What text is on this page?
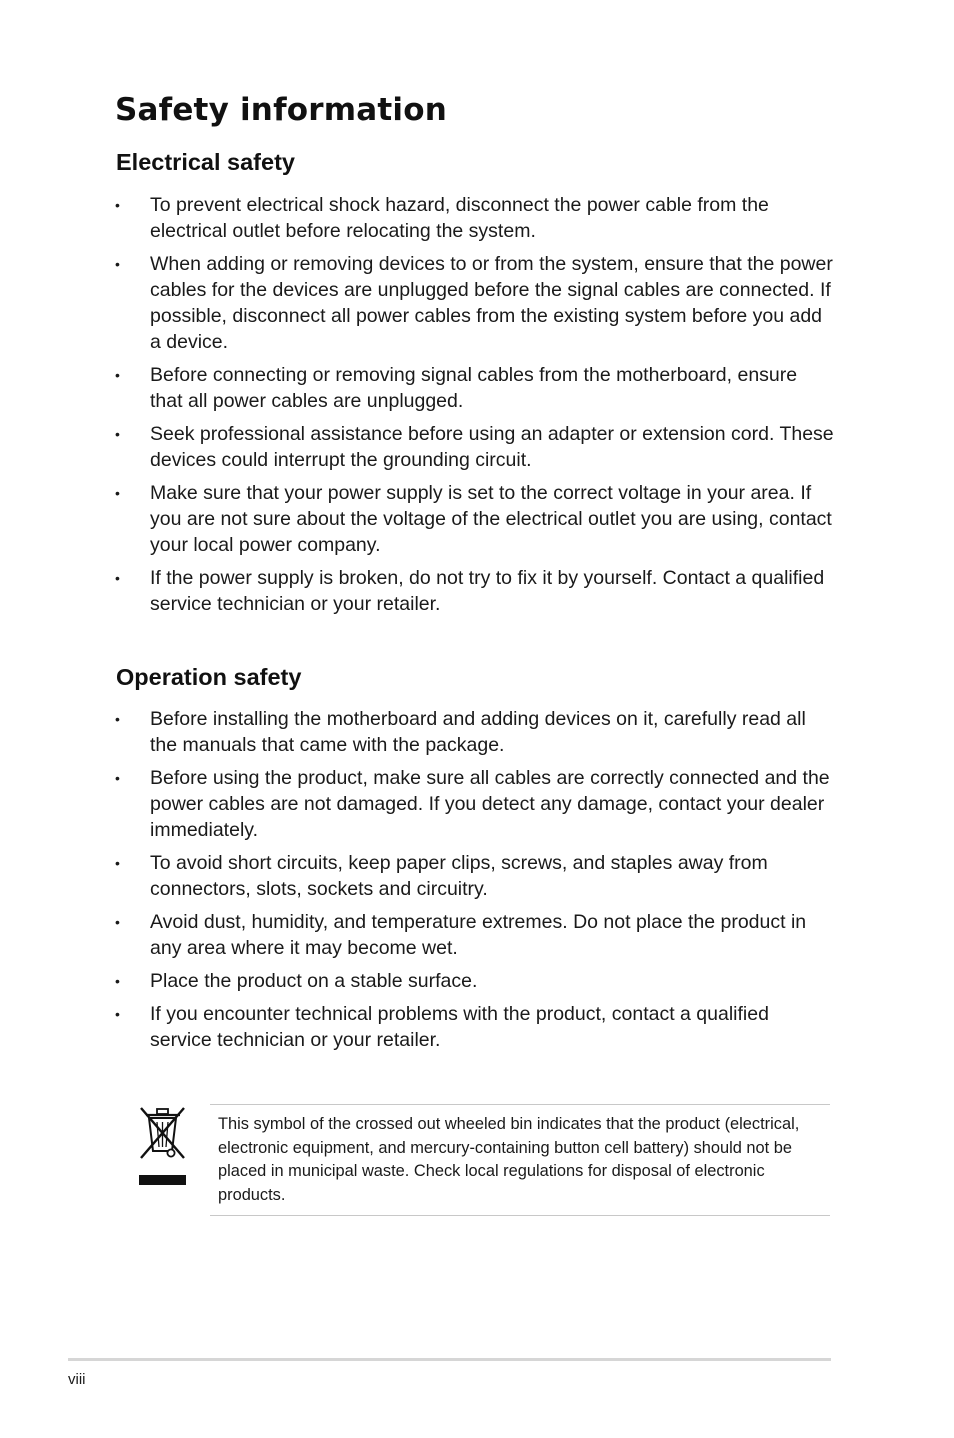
Safety information
Electrical safety
• To prevent electrical shock hazard, disconnect the power cable from the electrical outlet before relocating the system.
• When adding or removing devices to or from the system, ensure that the power cables for the devices are unplugged before the signal cables are connected. If possible, disconnect all power cables from the existing system before you add a device.
• Before connecting or removing signal cables from the motherboard, ensure that all power cables are unplugged.
• Seek professional assistance before using an adapter or extension cord. These devices could interrupt the grounding circuit.
• Make sure that your power supply is set to the correct voltage in your area. If you are not sure about the voltage of the electrical outlet you are using, contact your local power company.
• If the power supply is broken, do not try to fix it by yourself. Contact a qualified service technician or your retailer.
Operation safety
• Before installing the motherboard and adding devices on it, carefully read all the manuals that came with the package.
• Before using the product, make sure all cables are correctly connected and the power cables are not damaged. If you detect any damage, contact your dealer immediately.
• To avoid short circuits, keep paper clips, screws, and staples away from connectors, slots, sockets and circuitry.
• Avoid dust, humidity, and temperature extremes. Do not place the product in any area where it may become wet.
• Place the product on a stable surface.
• If you encounter technical problems with the product, contact a qualified service technician or your retailer.

This symbol of the crossed out wheeled bin indicates that the product (electrical, electronic equipment, and mercury-containing button cell battery) should not be placed in municipal waste. Check local regulations for disposal of electronic products.

viii
